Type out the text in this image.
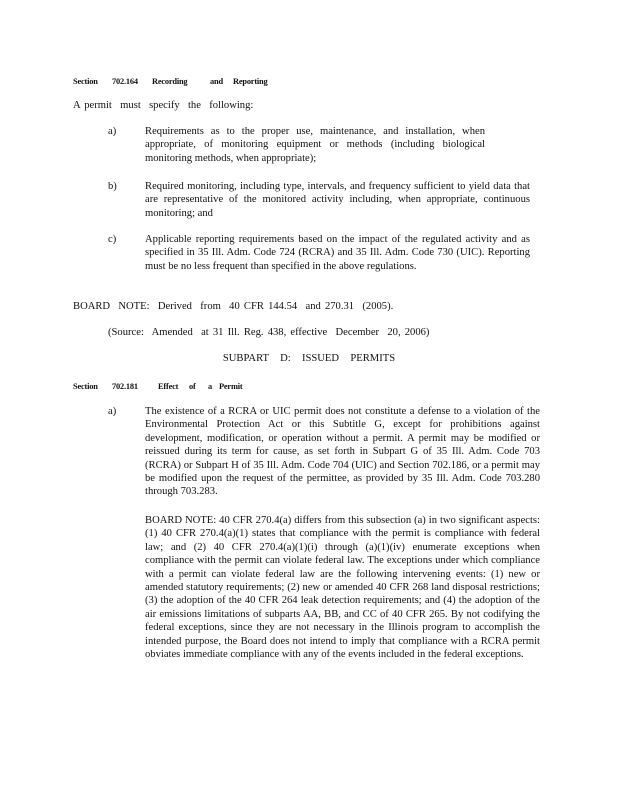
Section 702.164 Recording	and Reporting
A permit  must  specify  the  following:
a)	Requirements as to the proper use, maintenance, and installation, when appropriate, of monitoring equipment or methods (including biological monitoring methods, when appropriate);
b)	Required monitoring, including type, intervals, and frequency sufficient to yield data that are representative of the monitored activity including, when appropriate, continuous monitoring; and
c)	Applicable reporting requirements based on the impact of the regulated activity and as specified in 35 Ill. Adm. Code 724 (RCRA) and 35 Ill. Adm. Code 730 (UIC). Reporting must be no less frequent than specified in the above regulations.
BOARD  NOTE:  Derived  from  40 CFR 144.54  and 270.31  (2005).
(Source:  Amended  at 31 Ill. Reg. 438, effective  December  20, 2006)
SUBPART  D:  ISSUED  PERMITS
Section 702.181 Effect of a Permit
a)	The existence of a RCRA or UIC permit does not constitute a defense to a violation of the Environmental Protection Act or this Subtitle G, except for prohibitions against development, modification, or operation without a permit. A permit may be modified or reissued during its term for cause, as set forth in Subpart G of 35 Ill. Adm. Code 703 (RCRA) or Subpart H of 35 Ill. Adm. Code 704 (UIC) and Section 702.186, or a permit may be modified upon the request of the permittee, as provided by 35 Ill. Adm. Code 703.280 through 703.283.
BOARD NOTE: 40 CFR 270.4(a) differs from this subsection (a) in two significant aspects: (1) 40 CFR 270.4(a)(1) states that compliance with the permit is compliance with federal law; and (2) 40 CFR 270.4(a)(1)(i) through (a)(1)(iv) enumerate exceptions when compliance with the permit can violate federal law. The exceptions under which compliance with a permit can violate federal law are the following intervening events: (1) new or amended statutory requirements; (2) new or amended 40 CFR 268 land disposal restrictions; (3) the adoption of the 40 CFR 264 leak detection requirements; and (4) the adoption of the air emissions limitations of subparts AA, BB, and CC of 40 CFR 265. By not codifying the federal exceptions, since they are not necessary in the Illinois program to accomplish the intended purpose, the Board does not intend to imply that compliance with a RCRA permit obviates immediate compliance with any of the events included in the federal exceptions.
